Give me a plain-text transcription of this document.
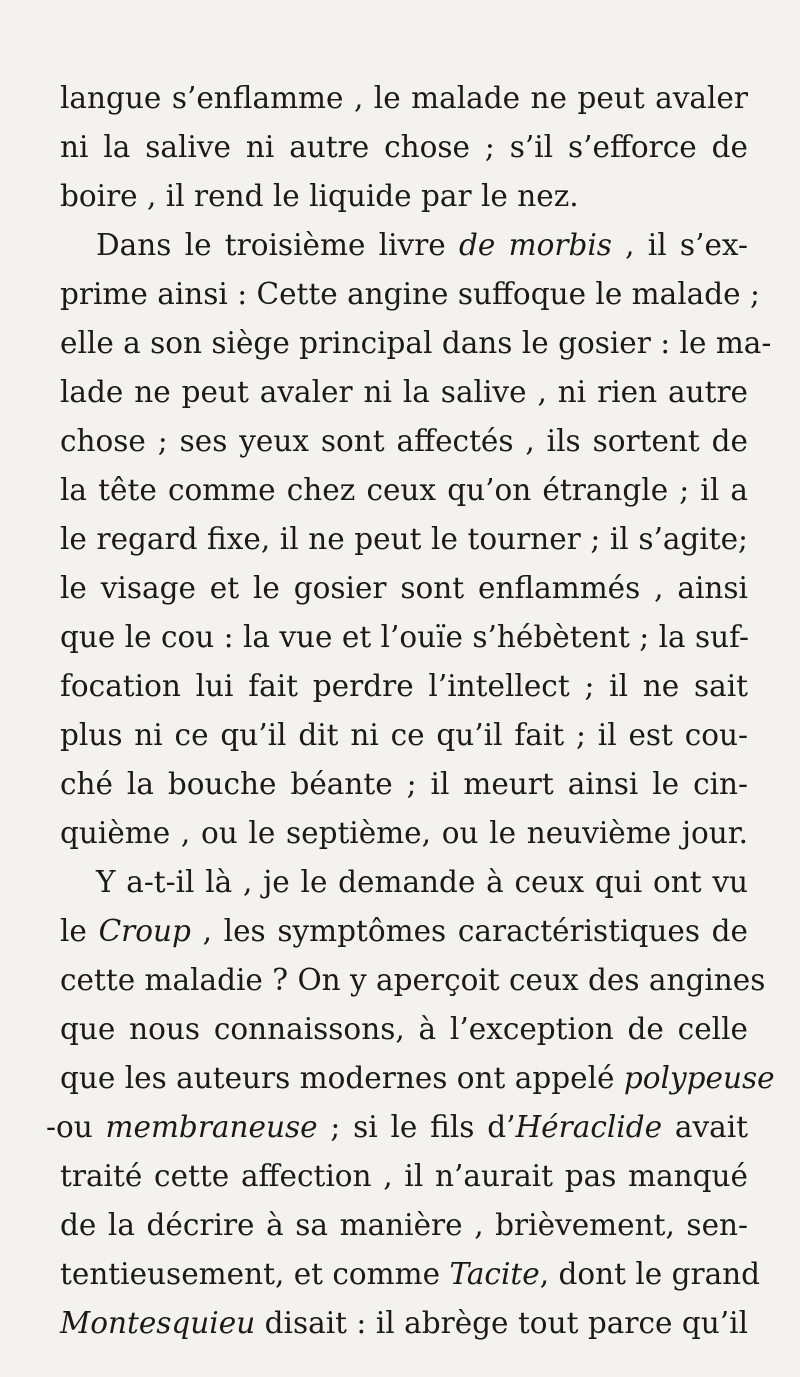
langue s’enflamme , le malade ne peut avaler
ni la salive ni autre chose ; s’il s’efforce de
boire , il rend le liquide par le nez.
Dans le troisième livre de morbis , il s’ex-
prime ainsi : Cette angine suffoque le malade ;
elle a son siège principal dans le gosier : le ma-
lade ne peut avaler ni la salive , ni rien autre
chose ; ses yeux sont affectés , ils sortent de
la tête comme chez ceux qu’on étrangle ; il a
le regard fixe, il ne peut le tourner ; il s’agite;
le visage et le gosier sont enflammés , ainsi
que le cou : la vue et l’ouïe s’hébètent ; la suf-
focation lui fait perdre l’intellect ; il ne sait
plus ni ce qu’il dit ni ce qu’il fait ; il est cou-
ché la bouche béante ; il meurt ainsi le cin-
quième , ou le septième, ou le neuvième jour.
Y a-t-il là , je le demande à ceux qui ont vu
le Croup , les symptômes caractéristiques de
cette maladie ? On y aperçoit ceux des angines
que nous connaissons, à l’exception de celle
que les auteurs modernes ont appelé polypeuse
-ou membraneuse ; si le fils d’Héraclide avait
traité cette affection , il n’aurait pas manqué
de la décrire à sa manière , brièvement, sen-
tentieusement, et comme Tacite, dont le grand
Montesquieu disait : il abrège tout parce qu’il
